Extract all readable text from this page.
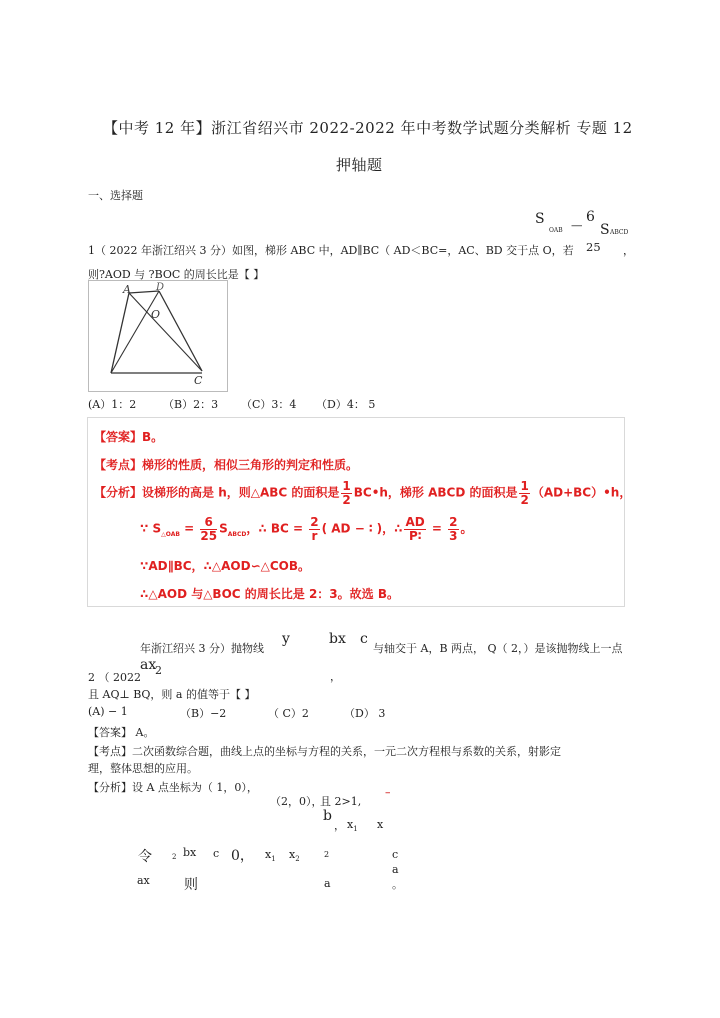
【中考 12 年】浙江省绍兴市 2022-2022 年中考数学试题分类解析 专题 12
押轴题
一、选择题
S
OAB
6
— S ABCD
25
1（ 2022 年浙江绍兴 3 分）如图，梯形 ABC 中，AD∥BC（ AD＜BC=，AC、BD 交于点 O，若	，
则?AOD 与 ?BOC 的周长比是【 】
A	D
O
C
(A）1：2 （B）2：3 （C）3：4 （D）4： 5
【答案】B。
【考点】梯形的性质，相似三角形的判定和性质。
【分析】设梯形的高是 h，则△ABC 的面积是 $\frac{1}{2}$ BC•h，梯形 ABCD 的面积是 $\frac{1}{2}$ （AD+BC）•h，
∵ $S_{\triangle OAB} = \frac{6}{25} S_{ABCD}$，∴ BC = $\frac{2}{r}$ ( AD − ∶ )，∴ $\frac{AD}{P∶} = \frac{2}{3}$ 。
∵AD∥BC，∴△AOD∽△COB。
∴△AOD 与△BOC 的周长比是 2：3。故选 B。
年浙江绍兴 3 分）抛物线
y	bx c
与轴交于 A，B 两点， Q（ 2，）是该抛物线上一点
2 （ 2022
ax
2	，
且 AQ⊥ BQ，则 a 的值等于【 】
(A) − 1	（B）−2	（ C）2	（D） 3
【答案】 A。
【考点】二次函数综合题，曲线上点的坐标与方程的关系，一元二次方程根与系数的关系，射影定
理，整体思想的应用。
【分析】设 A 点坐标为（ 1，0），
（2，0），
且 2>1,
–
b
， $x_1$ x
令	2 bx c 0， $x_1$ $x_2$
2	c
a
。
ax 则	a
